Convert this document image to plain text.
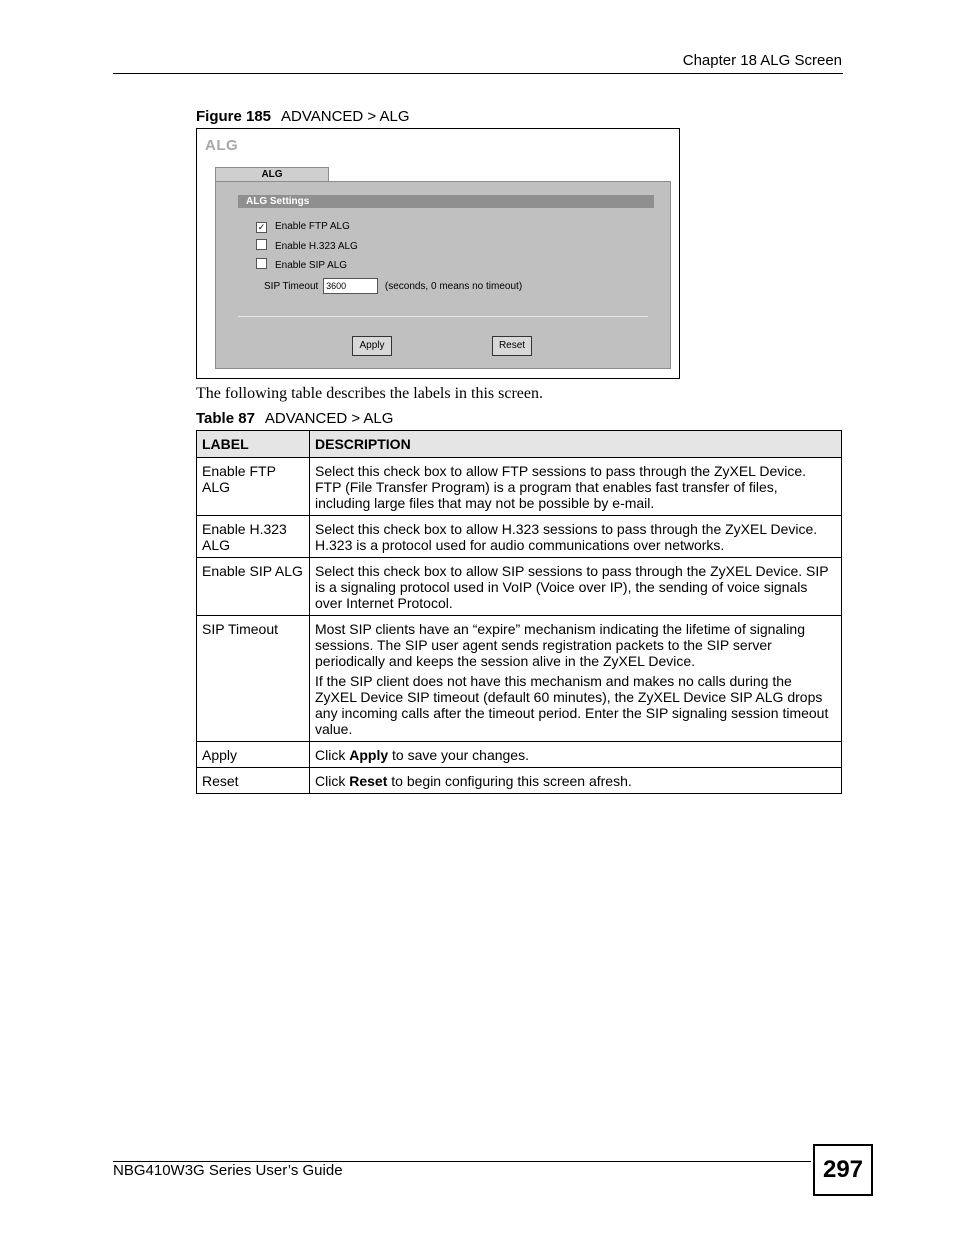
Chapter 18 ALG Screen
Figure 185 ADVANCED > ALG
ALG
ALG
ALG Settings
✓ Enable FTP ALG
Enable H.323 ALG
Enable SIP ALG
SIP Timeout 3600	(seconds, 0 means no timeout)
Apply	Reset
The following table describes the labels in this screen.
Table 87 ADVANCED > ALG
LABEL	DESCRIPTION
Enable FTP ALG	Select this check box to allow FTP sessions to pass through the ZyXEL Device. FTP (File Transfer Program) is a program that enables fast transfer of files, including large files that may not be possible by e-mail.

Enable H.323 ALG	Select this check box to allow H.323 sessions to pass through the ZyXEL Device. H.323 is a protocol used for audio communications over networks.

Enable SIP ALG	Select this check box to allow SIP sessions to pass through the ZyXEL Device. SIP is a signaling protocol used in VoIP (Voice over IP), the sending of voice signals over Internet Protocol.

SIP Timeout	Most SIP clients have an “expire” mechanism indicating the lifetime of signaling sessions. The SIP user agent sends registration packets to the SIP server periodically and keeps the session alive in the ZyXEL Device.

If the SIP client does not have this mechanism and makes no calls during the ZyXEL Device SIP timeout (default 60 minutes), the ZyXEL Device SIP ALG drops any incoming calls after the timeout period. Enter the SIP signaling session timeout value.

Apply	Click Apply to save your changes.
Reset	Click Reset to begin configuring this screen afresh.
NBG410W3G Series User’s Guide	297
